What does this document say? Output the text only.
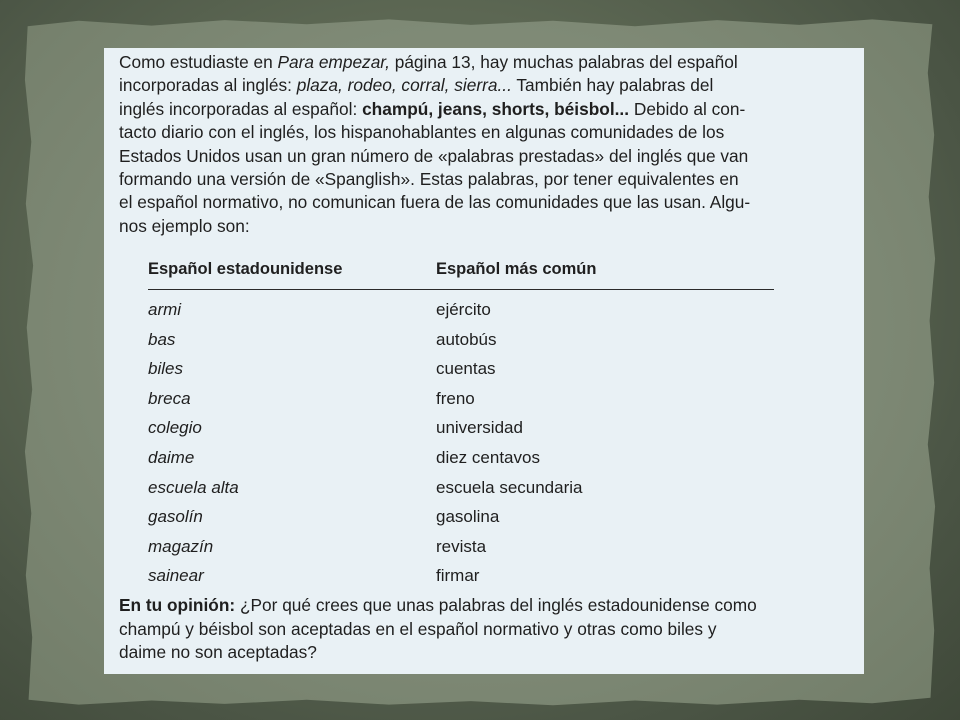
Como estudiaste en Para empezar, página 13, hay muchas palabras del español
incorporadas al inglés: plaza, rodeo, corral, sierra... También hay palabras del
inglés incorporadas al español: champú, jeans, shorts, béisbol... Debido al con-
tacto diario con el inglés, los hispanohablantes en algunas comunidades de los
Estados Unidos usan un gran número de «palabras prestadas» del inglés que van
formando una versión de «Spanglish». Estas palabras, por tener equivalentes en
el español normativo, no comunican fuera de las comunidades que las usan. Algu-
nos ejemplo son:

Español estadounidense	Español más común
armi	ejército
bas	autobús
biles	cuentas
breca	freno
colegio	universidad
daime	diez centavos
escuela alta	escuela secundaria
gasolín	gasolina
magazín	revista
sainear	firmar

En tu opinión: ¿Por qué crees que unas palabras del inglés estadounidense como
champú y béisbol son aceptadas en el español normativo y otras como biles y
daime no son aceptadas?
